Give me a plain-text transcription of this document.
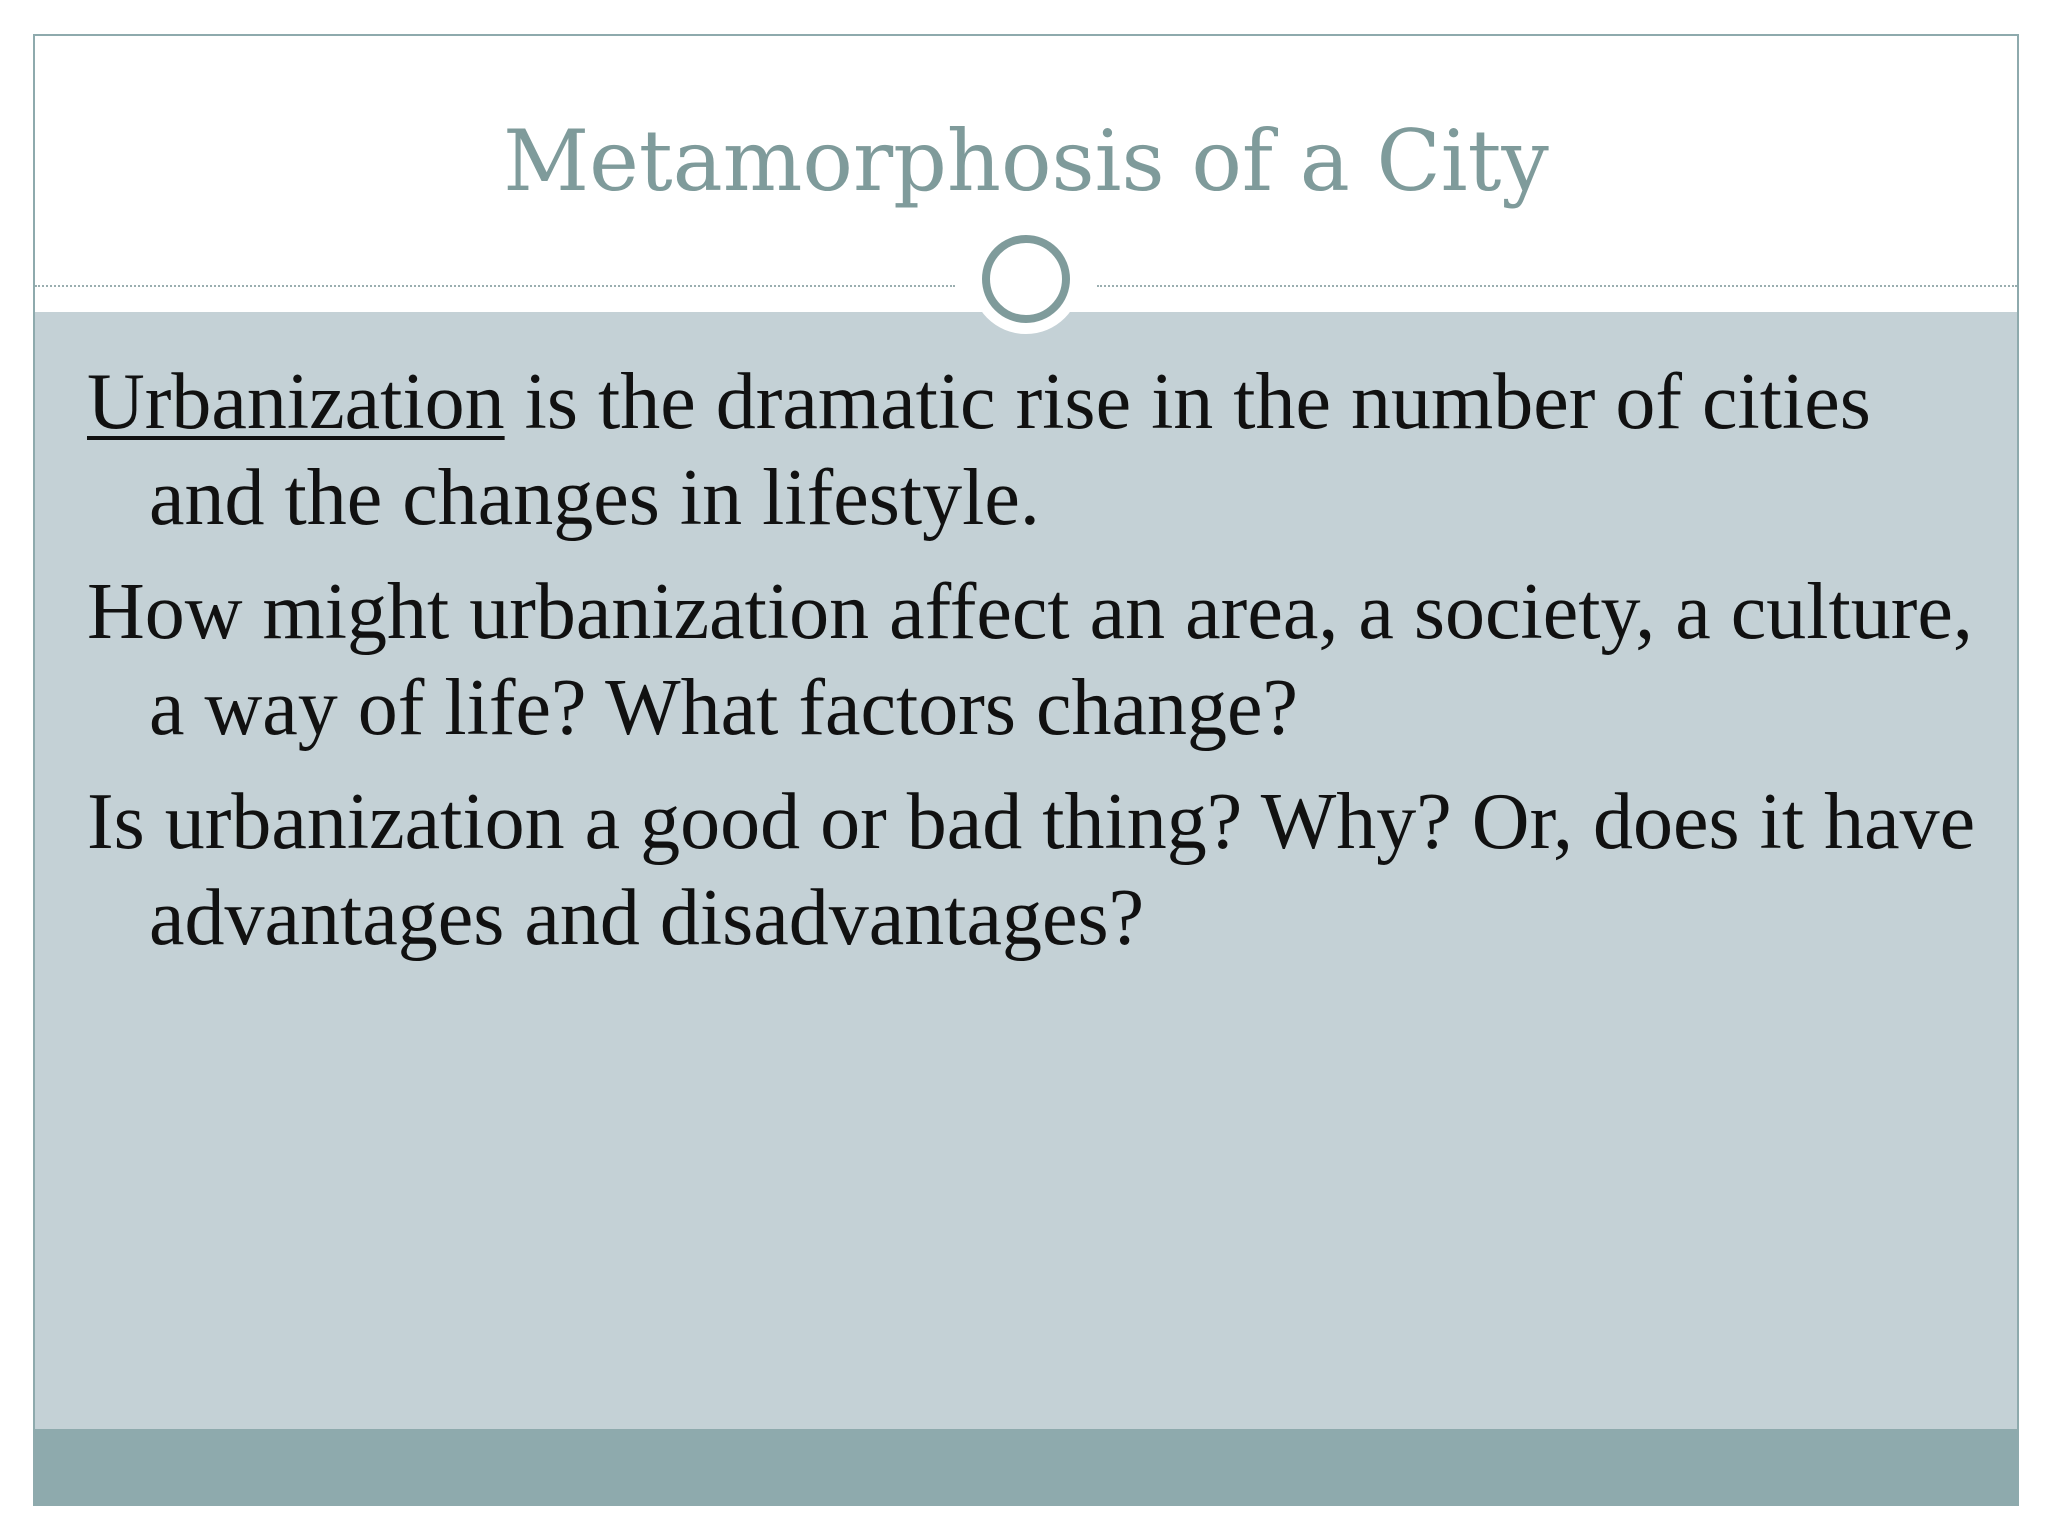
Metamorphosis of a City

Urbanization is the dramatic rise in the number of cities and the changes in lifestyle.

How might urbanization affect an area, a society, a culture, a way of life? What factors change?

Is urbanization a good or bad thing? Why? Or, does it have advantages and disadvantages?
